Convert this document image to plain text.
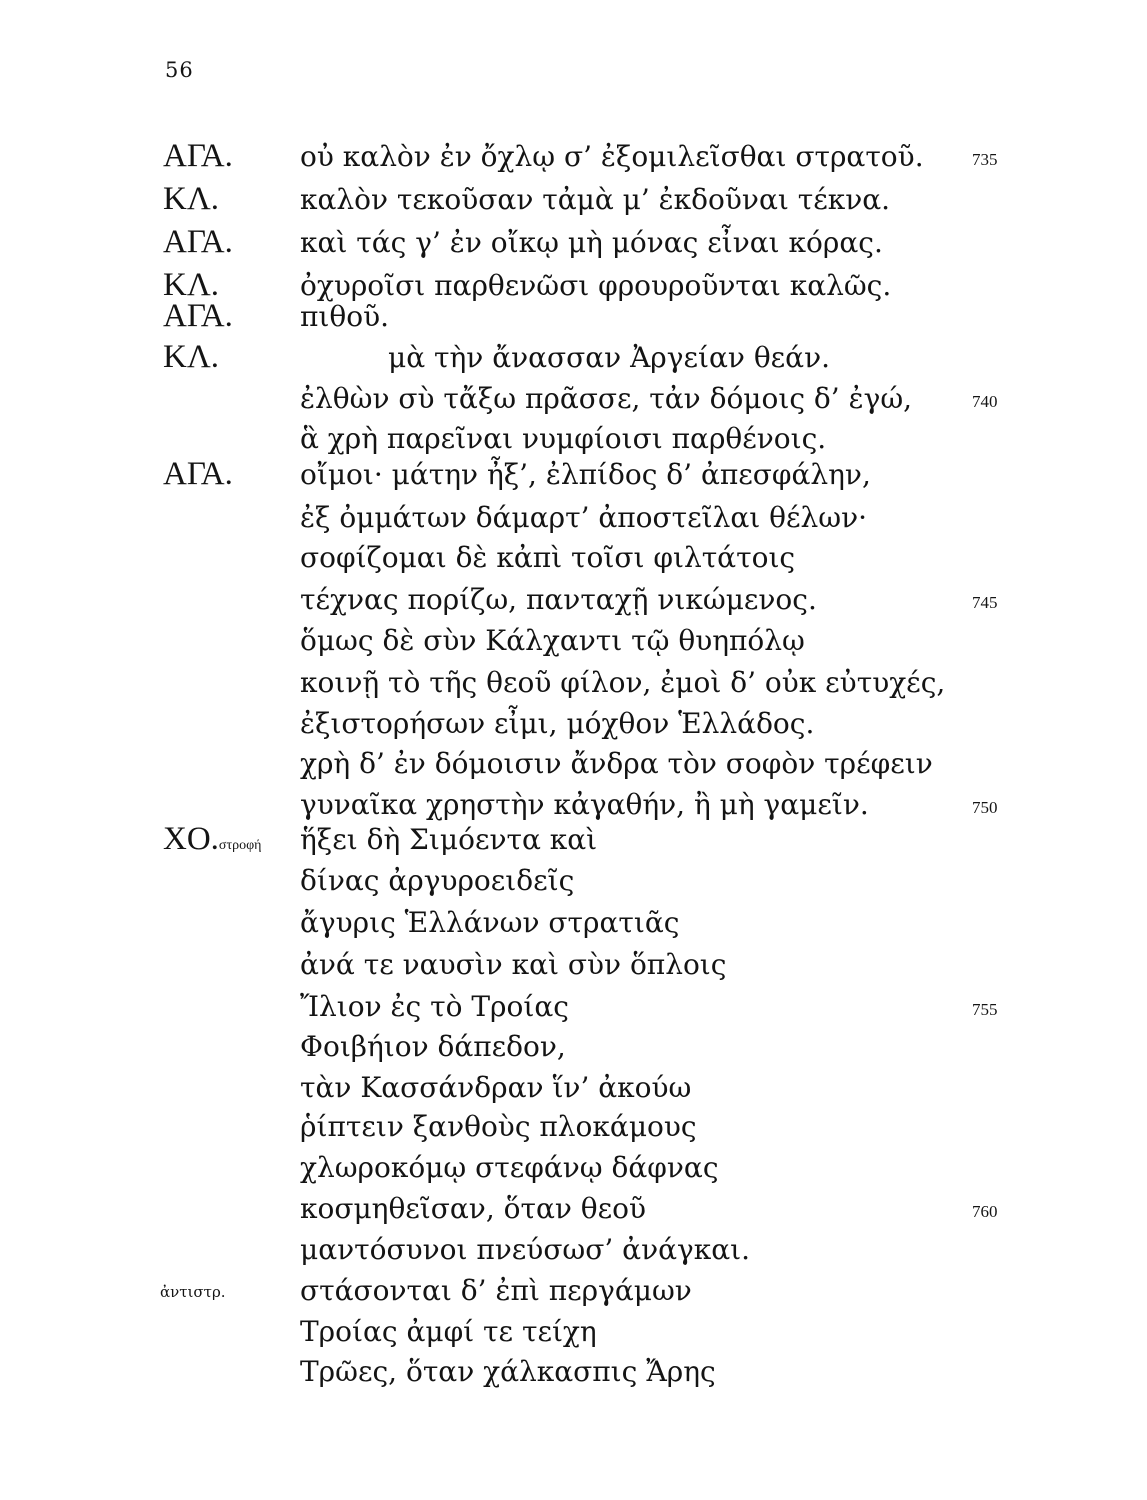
56
ΑΓΑ. οὐ καλὸν ἐν ὄχλῳ σ’ ἐξομιλεῖσθαι στρατοῦ.	735
ΚΛ.	καλὸν τεκοῦσαν τἀμὰ μ’ ἐκδοῦναι τέκνα.
ΑΓΑ. καὶ τάς γ’ ἐν οἴκῳ μὴ μόνας εἶναι κόρας.
ΚΛ.	ὀχυροῖσι παρθενῶσι φρουροῦνται καλῶς.
ΑΓΑ. πιθοῦ.
ΚΛ.	μὰ τὴν ἄνασσαν Ἀργείαν θεάν.
ἐλθὼν σὺ τἄξω πρᾶσσε, τἀν δόμοις δ’ ἐγώ,	740
ἃ χρὴ παρεῖναι νυμφίοισι παρθένοις.
ΑΓΑ. οἴμοι· μάτην ἦξ’, ἐλπίδος δ’ ἀπεσφάλην,
ἐξ ὀμμάτων δάμαρτ’ ἀποστεῖλαι θέλων·
σοφίζομαι δὲ κἀπὶ τοῖσι φιλτάτοις
τέχνας πορίζω, πανταχῇ νικώμενος.	745
ὅμως δὲ σὺν Κάλχαντι τῷ θυηπόλῳ
κοινῇ τὸ τῆς θεοῦ φίλον, ἐμοὶ δ’ οὐκ εὐτυχές,
ἐξιστορήσων εἶμι, μόχθον Ἑλλάδος.
χρὴ δ’ ἐν δόμοισιν ἄνδρα τὸν σοφὸν τρέφειν
γυναῖκα χρηστὴν κἀγαθήν, ἢ μὴ γαμεῖν.	750
ΧΟ.στροφή ἥξει δὴ Σιμόεντα καὶ
δίνας ἀργυροειδεῖς
ἄγυρις Ἑλλάνων στρατιᾶς
ἀνά τε ναυσὶν καὶ σὺν ὅπλοις
Ἴλιον ἐς τὸ Τροίας	755
Φοιβήιον δάπεδον,
τὰν Κασσάνδραν ἵν’ ἀκούω
ῥίπτειν ξανθοὺς πλοκάμους
χλωροκόμῳ στεφάνῳ δάφνας
κοσμηθεῖσαν, ὅταν θεοῦ	760
μαντόσυνοι πνεύσωσ’ ἀνάγκαι.
ἀντιστρ.	στάσονται δ’ ἐπὶ περγάμων
Τροίας ἀμφί τε τείχη
Τρῶες, ὅταν χάλκασπις Ἄρης
